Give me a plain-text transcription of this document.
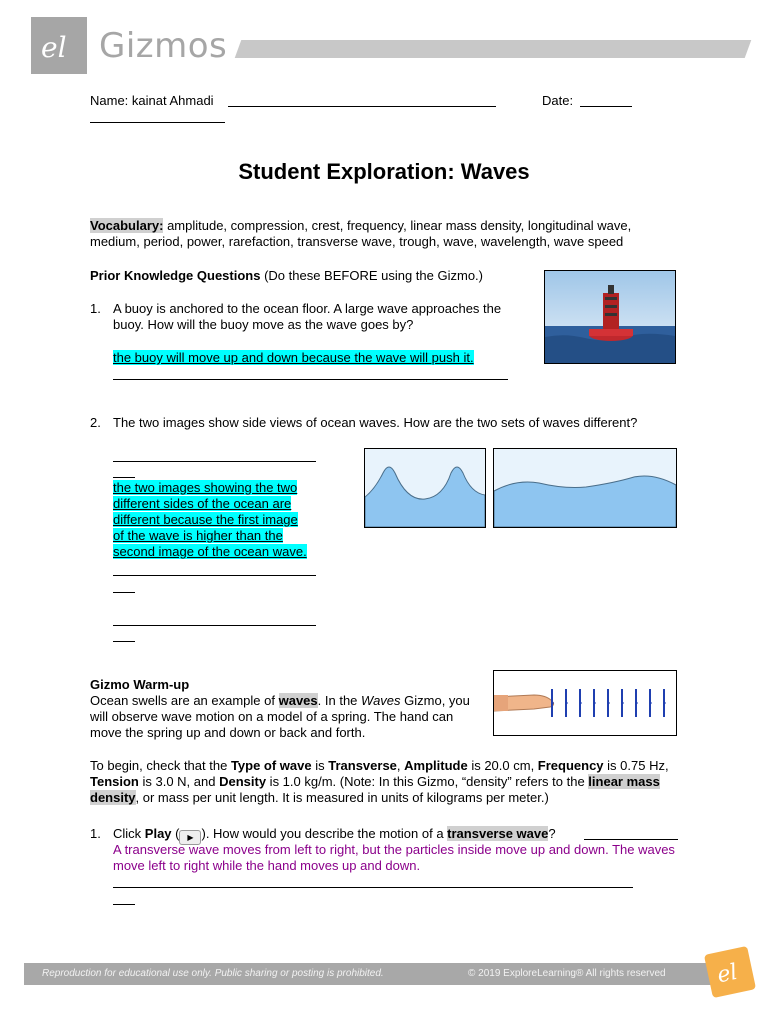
el Gizmos
Name: kainat Ahmadi	Date:
Student Exploration: Waves
Vocabulary: amplitude, compression, crest, frequency, linear mass density, longitudinal wave, medium, period, power, rarefaction, transverse wave, trough, wave, wavelength, wave speed
Prior Knowledge Questions (Do these BEFORE using the Gizmo.)
1. A buoy is anchored to the ocean floor. A large wave approaches the buoy. How will the buoy move as the wave goes by?
the buoy will move up and down because the wave will push it.
2. The two images show side views of ocean waves. How are the two sets of waves different?
the two images showing the two
different sides of the ocean are
different because the first image
of the wave is higher than the
second image of the ocean wave.
Gizmo Warm-up
Ocean swells are an example of waves. In the Waves Gizmo, you will observe wave motion on a model of a spring. The hand can move the spring up and down or back and forth.
To begin, check that the Type of wave is Transverse, Amplitude is 20.0 cm, Frequency is 0.75 Hz, Tension is 3.0 N, and Density is 1.0 kg/m. (Note: In this Gizmo, “density” refers to the linear mass density, or mass per unit length. It is measured in units of kilograms per meter.)
1. Click Play ( ▶ ). How would you describe the motion of a transverse wave?
A transverse wave moves from left to right, but the particles inside move up and down. The waves move left to right while the hand moves up and down.
Reproduction for educational use only. Public sharing or posting is prohibited.	© 2019 ExploreLearning® All rights reserved el
